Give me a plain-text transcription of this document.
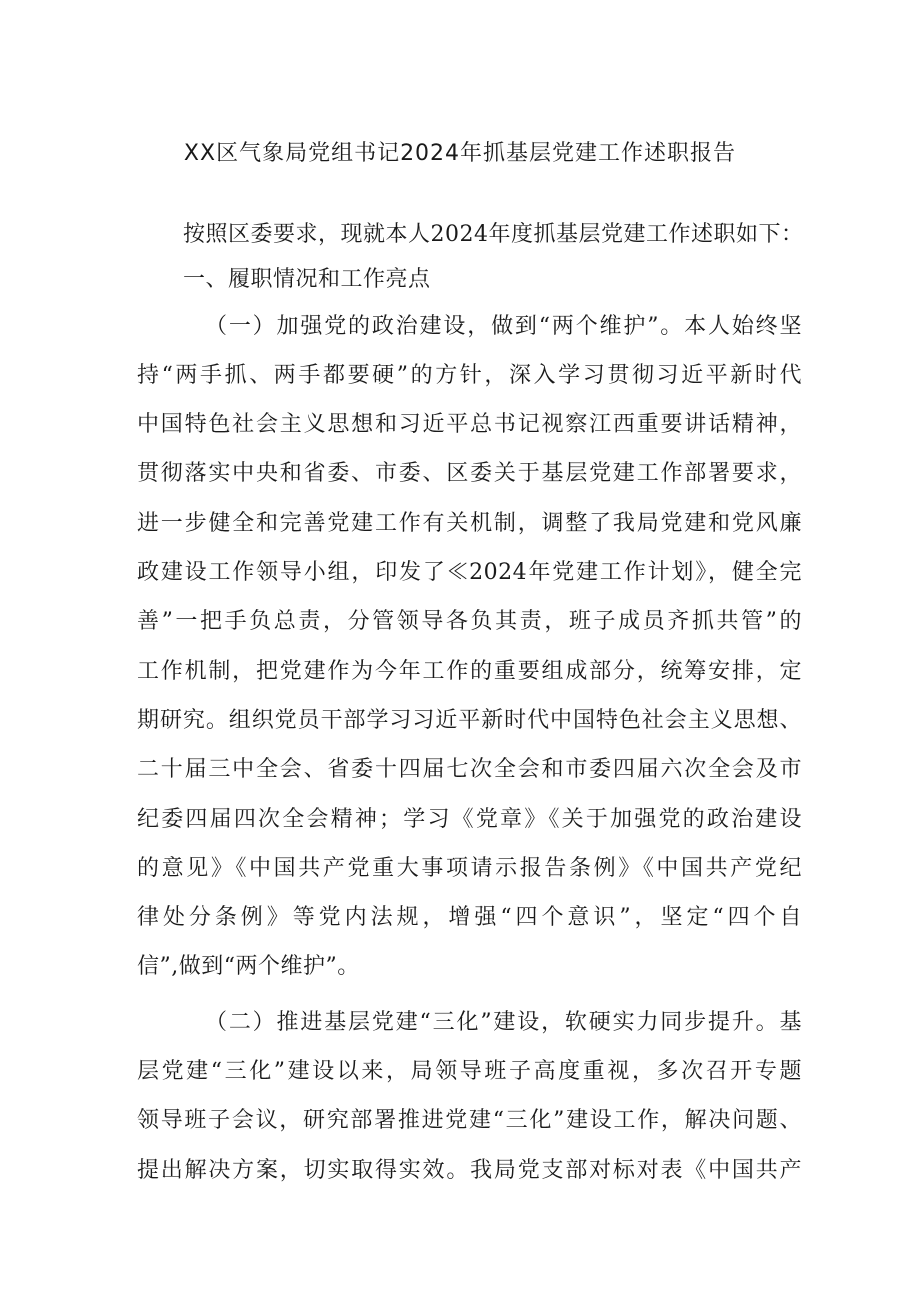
XX区气象局党组书记2024年抓基层党建工作述职报告
按照区委要求，现就本人2024年度抓基层党建工作述职如下：
一、履职情况和工作亮点
（一）加强党的政治建设，做到“两个维护”。本人始终坚
持“两手抓、两手都要硬”的方针，深入学习贯彻习近平新时代
中国特色社会主义思想和习近平总书记视察江西重要讲话精神，
贯彻落实中央和省委、市委、区委关于基层党建工作部署要求，
进一步健全和完善党建工作有关机制，调整了我局党建和党风廉
政建设工作领导小组，印发了≪2024年党建工作计划》，健全完
善”一把手负总责，分管领导各负其责，班子成员齐抓共管”的
工作机制，把党建作为今年工作的重要组成部分，统筹安排，定
期研究。组织党员干部学习习近平新时代中国特色社会主义思想、
二十届三中全会、省委十四届七次全会和市委四届六次全会及市
纪委四届四次全会精神；学习《党章》《关于加强党的政治建设
的意见》《中国共产党重大事项请示报告条例》《中国共产党纪
律处分条例》等党内法规，增强“四个意识”，坚定“四个自
信”,做到“两个维护”。
（二）推进基层党建“三化”建设，软硬实力同步提升。基
层党建“三化”建设以来，局领导班子高度重视，多次召开专题
领导班子会议，研究部署推进党建“三化”建设工作，解决问题、
提出解决方案，切实取得实效。我局党支部对标对表《中国共产
